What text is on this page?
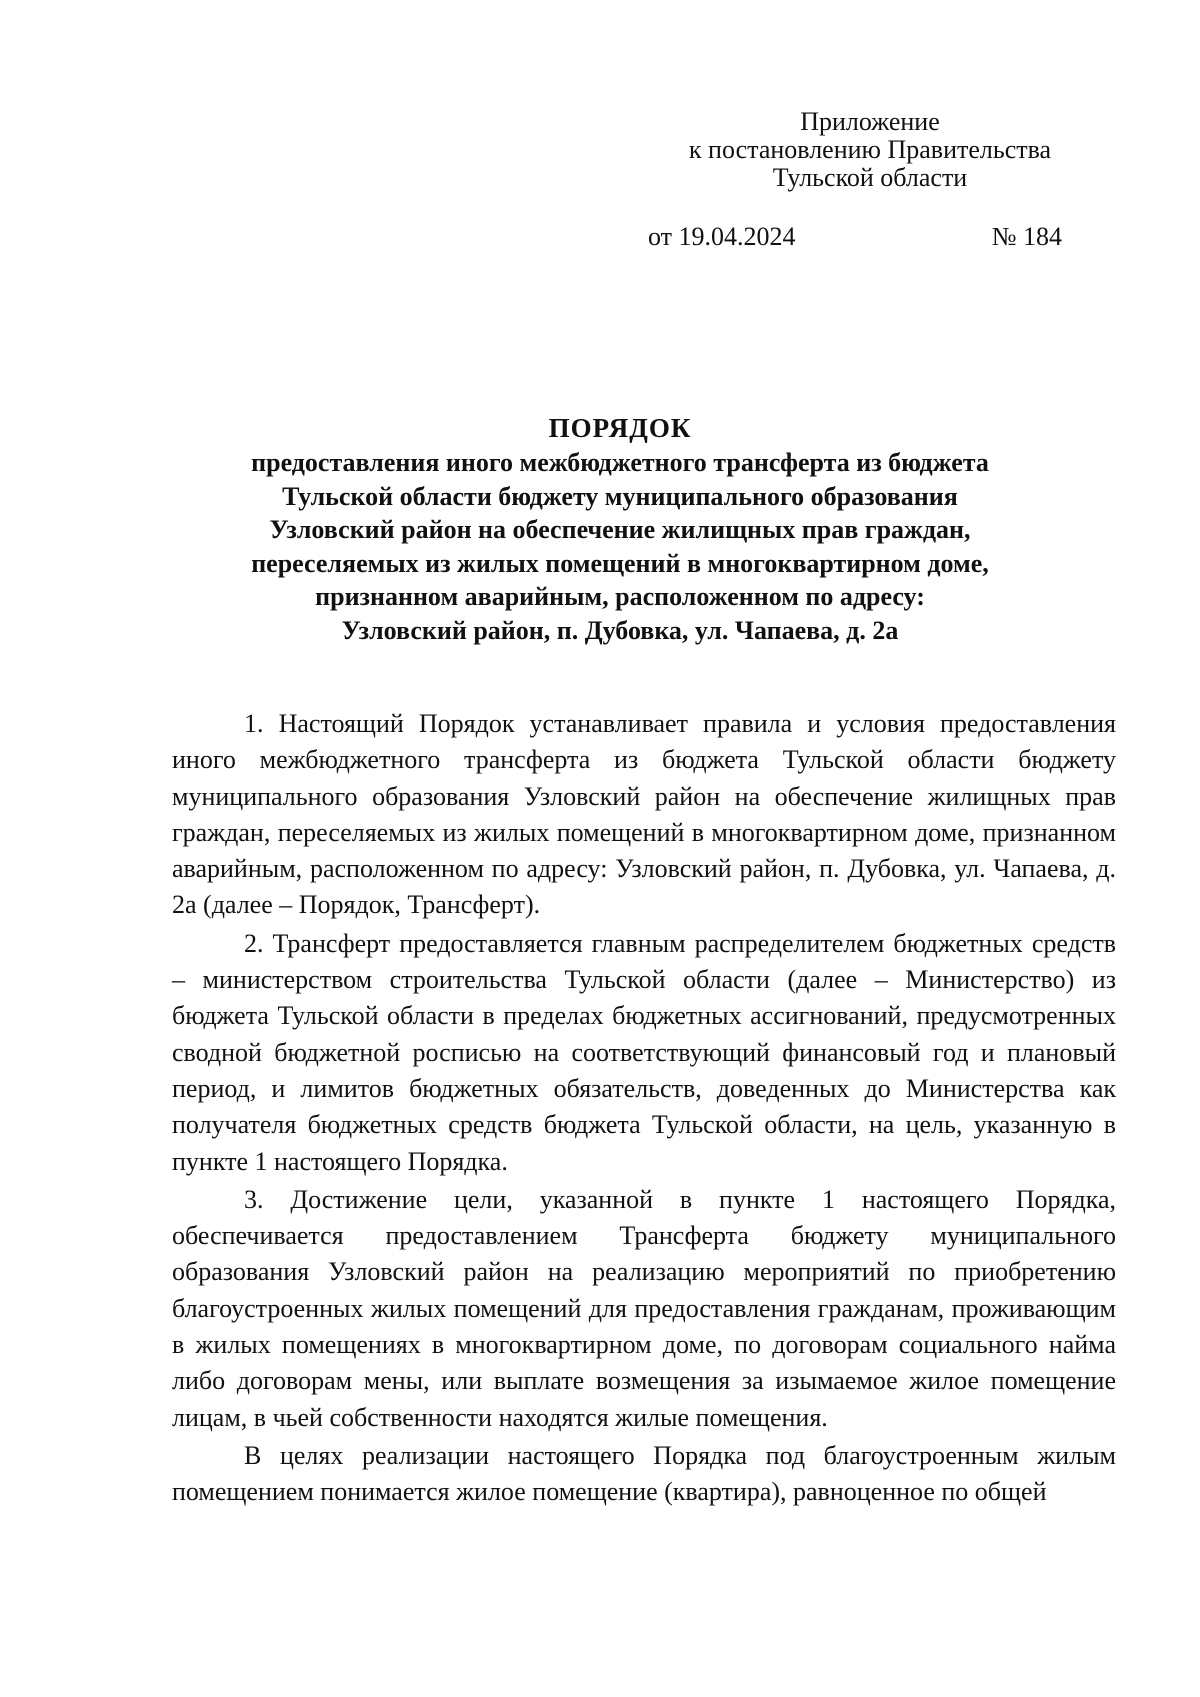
Приложение
к постановлению Правительства
Тульской области
от 19.04.2024	№ 184
ПОРЯДОК
предоставления иного межбюджетного трансферта из бюджета
Тульской области бюджету муниципального образования
Узловский район на обеспечение жилищных прав граждан,
переселяемых из жилых помещений в многоквартирном доме,
признанном аварийным, расположенном по адресу:
Узловский район, п. Дубовка, ул. Чапаева, д. 2а

1. Настоящий Порядок устанавливает правила и условия предоставления иного межбюджетного трансферта из бюджета Тульской области бюджету муниципального образования Узловский район на обеспечение жилищных прав граждан, переселяемых из жилых помещений в многоквартирном доме, признанном аварийным, расположенном по адресу: Узловский район, п. Дубовка, ул. Чапаева, д. 2а (далее – Порядок, Трансферт).

2. Трансферт предоставляется главным распределителем бюджетных средств – министерством строительства Тульской области (далее – Министерство) из бюджета Тульской области в пределах бюджетных ассигнований, предусмотренных сводной бюджетной росписью на соответствующий финансовый год и плановый период, и лимитов бюджетных обязательств, доведенных до Министерства как получателя бюджетных средств бюджета Тульской области, на цель, указанную в пункте 1 настоящего Порядка.

3. Достижение цели, указанной в пункте 1 настоящего Порядка, обеспечивается предоставлением Трансферта бюджету муниципального образования Узловский район на реализацию мероприятий по приобретению благоустроенных жилых помещений для предоставления гражданам, проживающим в жилых помещениях в многоквартирном доме, по договорам социального найма либо договорам мены, или выплате возмещения за изымаемое жилое помещение лицам, в чьей собственности находятся жилые помещения.

В целях реализации настоящего Порядка под благоустроенным жилым помещением понимается жилое помещение (квартира), равноценное по общей
